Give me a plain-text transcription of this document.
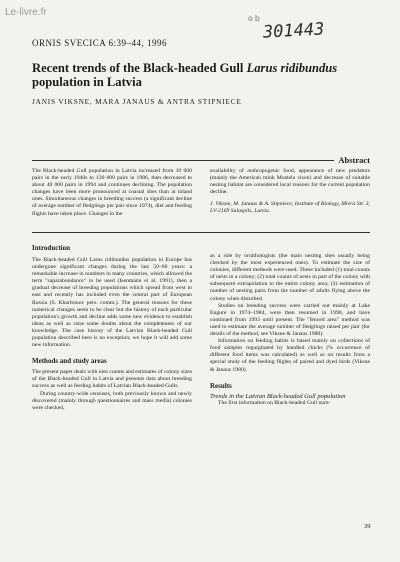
Le-livre.fr
ob
301443
ORNIS SVECICA 6:39–44, 1996
Recent trends of the Black-headed Gull Larus ridibundus
population in Latvia
JANIS VIKSNE, MARA JANAUS & ANTRA STIPNIECE
Abstract

The Black-headed Gull population in Latvia increased from 10 000 pairs in the early 1940s to 130 000 pairs in 1986, then decreased to about 40 000 pairs in 1994 and continues declining. The population changes have been more pronounced at coastal sites than at inland ones. Simultaneous changes in breeding success (a significant decline of average number of fledglings per pair since 1974), diet and feeding flights have taken place. Changes in the

availability of anthropogenic food, appearance of new predators (mainly the American mink Mustela vison) and decrease of suitable nesting habitat are considered local reasons for the current population decline.

J. Viksne, M. Janaus & A. Stipniece, Institute of Biology, Miera Str. 3, LV-2169 Salaspils, Latvia.

Introduction

The Black-headed Gull Larus ridibundus population in Europe has undergone significant changes during the last 50–60 years: a remarkable increase in numbers in many countries, which allowed the term "saparabundance" to be used (Isenmann et al. 1991), then a gradual decrease of breeding populations which spread from west to east and recently has included even the central part of European Russia (S. Kharitonov pers. comm.). The general reasons for these numerical changes seem to be clear but the history of each particular population's growth and decline adds some new evidence to establish ideas as well as raise some doubts about the completeness of our knowledge. The case history of the Latvian Black-headed Gull population described here is no exception; we hope it will add some new information.

Methods and study areas

The present paper deals with nest counts and estimates of colony sizes of the Black-headed Gull in Latvia and presents data about breeding success as well as feeding habits of Latvian Black-headed Gulls.

During country-wide censuses, both previously known and newly discovered (mainly through questionnaires and mass media) colonies were checked,

as a rule by ornithologists (the main nesting sites usually being checked by the most experienced ones). To estimate the size of colonies, different methods were used. These included (1) total counts of nests in a colony; (2) total counts of nests in part of the colony with subsequent extrapolation to the entire colony area; (3) estimation of number of nesting pairs from the number of adults flying above the colony when disturbed.

Studies on breeding success were carried out mainly at Lake Engure in 1974–1984, were then resumed in 1990, and have continued from 1993 until present. The "fenced area" method was used to estimate the average number of fledglings raised per pair (for details of the method, see Viksne & Janaus 1980).

Information on feeding habits is based mainly on collections of food samples regurgitated by handled chicks (% occurrence of different food items was calculated) as well as on results from a special study of the feeding flights of paired and dyed birds (Viksne & Janaus 1980).

Results

Trends in the Latvian Black-headed Gull population

The first information on Black-headed Gull num-

39
